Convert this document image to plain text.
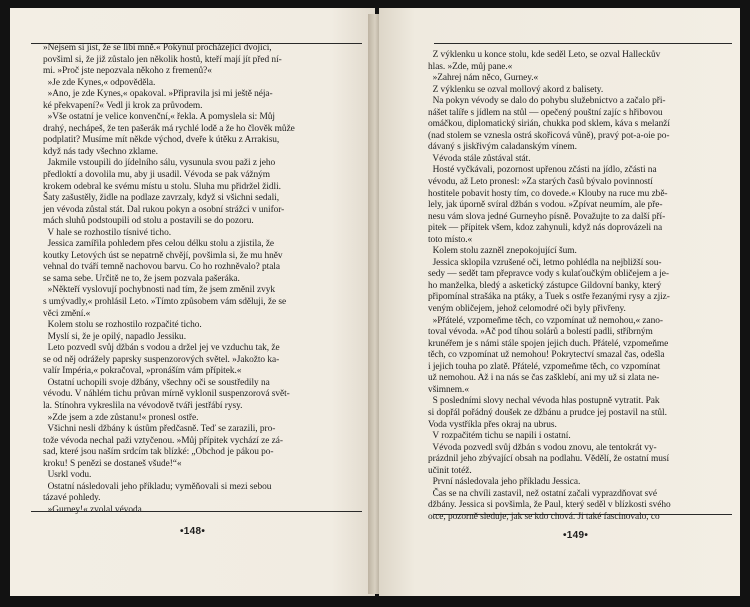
»Nejsem si jist, že se líbí mně.« Pokynul procházející dvojici,
povšiml si, že již zůstalo jen několik hostů, kteří mají jít před ní-
mi. »Proč jste nepozvala někoho z fremenů?«
»Je zde Kynes,« odpověděla.
»Ano, je zde Kynes,« opakoval. »Připravila jsi mi ještě néja-
ké překvapení?« Vedl ji krok za průvodem.
»Vše ostatní je velice konvenční,« řekla. A pomyslela si: Můj
drahý, nechápeš, že ten pašerák má rychlé lodě a že ho člověk může
podplatit? Musíme mít někde východ, dveře k útěku z Arrakisu,
když nás tady všechno zklame.
Jakmile vstoupili do jídelního sálu, vysunula svou paži z jeho
předloktí a dovolila mu, aby ji usadil. Vévoda se pak vážným
krokem odebral ke svému místu u stolu. Sluha mu přidržel židli.
Šaty zašustěly, židle na podlaze zavrzaly, když si všichni sedali,
jen vévoda zůstal stát. Dal rukou pokyn a osobní strážci v unifor-
mách sluhů podstoupili od stolu a postavili se do pozoru.
V hale se rozhostilo tísnivé ticho.
Jessica zamířila pohledem přes celou délku stolu a zjistila, že
koutky Letových úst se nepatrně chvějí, povšimla si, že mu hněv
vehnal do tváří temně nachovou barvu. Co ho rozhněvalo? ptala
se sama sebe. Určitě ne to, že jsem pozvala pašeráka.
»Někteří vyslovují pochybnosti nad tím, že jsem změnil zvyk
s umývadly,« prohlásil Leto. »Tímto způsobem vám sděluji, že se
věci změní.«
Kolem stolu se rozhostilo rozpačité ticho.
Myslí si, že je opilý, napadlo Jessiku.
Leto pozvedl svůj džbán s vodou a držel jej ve vzduchu tak, že
se od něj odrážely paprsky suspenzorových světel. »Jakožto ka-
valír Impéria,« pokračoval, »pronáším vám přípitek.«
Ostatní uchopili svoje džbány, všechny oči se soustředily na
vévodu. V náhlém tichu průvan mírně vyklonil suspenzorová svět-
la. Stínohra vykreslila na vévodově tváři jestřábí rysy.
»Zde jsem a zde zůstanu!« pronesl ostře.
Všichni nesli džbány k ústům předčasně. Teď se zarazili, pro-
tože vévoda nechal paži vztyčenou. »Můj přípitek vychází ze zá-
sad, které jsou naším srdcím tak blízké: „Obchod je pákou po-
kroku! S penězi se dostaneš všude!“«
Usrkl vodu.
Ostatní následovali jeho příkladu; vyměňovali si mezi sebou
tázavé pohledy.
»Gurney!« zvolal vévoda.
•148•
Z výklenku u konce stolu, kde seděl Leto, se ozval Halleckův
hlas. »Zde, můj pane.«
»Zahrej nám něco, Gurney.«
Z výklenku se ozval mollový akord z balisety.
Na pokyn vévody se dalo do pohybu služebnictvo a začalo při-
nášet talíře s jídlem na stůl — opečený pouštní zajíc s hřibovou
omáčkou, diplomatický sirián, chukka pod sklem, káva s melanží
(nad stolem se vznesla ostrá skořicová vůně), pravý pot-a-oie po-
dávaný s jiskřivým caladanským vínem.
Vévoda stále zůstával stát.
Hosté vyčkávali, pozornost upřenou zčásti na jídlo, zčásti na
vévodu, až Leto pronesl: »Za starých časů bývalo povinností
hostitele pobavit hosty tím, co dovede.« Klouby na ruce mu zbě-
lely, jak úporně svíral džbán s vodou. »Zpívat neumím, ale pře-
nesu vám slova jedné Gurneyho písně. Považujte to za další pří-
pitek — přípitek všem, kdoz zahynuli, když nás doprovázeli na
toto místo.«
Kolem stolu zazněl znepokojující šum.
Jessica sklopila vzrušené oči, letmo pohlédla na nejbližší sou-
sedy — sedět tam přepravce vody s kulaťoučkým obličejem a je-
ho manželka, bledý a asketický zástupce Gildovní banky, který
připomínal strašáka na ptáky, a Tuek s ostře řezanými rysy a zjiz-
veným obličejem, jehož celomodré oči byly přivřeny.
»Přátelé, vzpomeňme těch, co vzpomínat už nemohou,« zano-
toval vévoda. »Ač pod tíhou solárů a bolestí padli, stříbrným
krunéřem je s námi stále spojen jejich duch. Přátelé, vzpomeňme
těch, co vzpomínat už nemohou! Pokrytectví smazal čas, odešla
i jejich touha po zlatě. Přátelé, vzpomeňme těch, co vzpomínat
už nemohou. Až i na nás se čas zašklebí, ani my už si zlata ne-
všimnem.«
S posledními slovy nechal vévoda hlas postupně vytratit. Pak
si dopřál pořádný doušek ze džbánu a prudce jej postavil na stůl.
Voda vystříkla přes okraj na ubrus.
V rozpačitém tichu se napili i ostatní.
Vévoda pozvedl svůj džbán s vodou znovu, ale tentokrát vy-
prázdnil jeho zbývající obsah na podlahu. Vědělí, že ostatní musí
učinit totéž.
První následovala jeho příkladu Jessica.
Čas se na chvíli zastavil, než ostatní začali vyprazdňovat své
džbány. Jessica si povšimla, že Paul, který seděl v blízkosti svého
otce, pozorně sleduje, jak se kdo chová. Ji také fascinovalo, co
•149•
